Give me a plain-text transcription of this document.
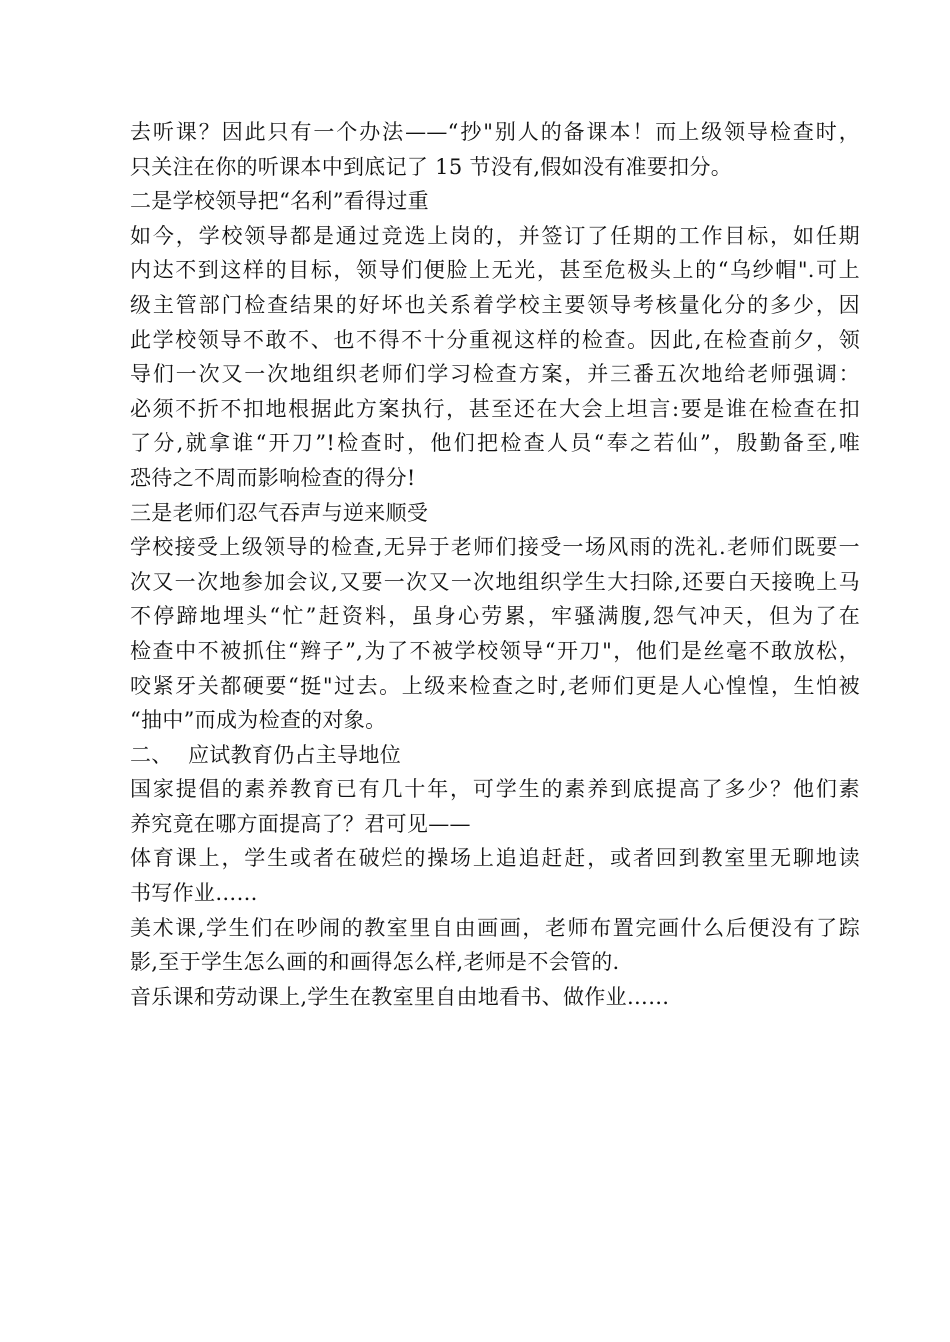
去听课？因此只有一个办法——“抄"别人的备课本！而上级领导检查时，
只关注在你的听课本中到底记了 15 节没有,假如没有准要扣分。
二是学校领导把“名利”看得过重
如今，学校领导都是通过竞选上岗的，并签订了任期的工作目标，如任期
内达不到这样的目标，领导们便脸上无光，甚至危极头上的“乌纱帽".可上
级主管部门检查结果的好坏也关系着学校主要领导考核量化分的多少，因
此学校领导不敢不、也不得不十分重视这样的检查。因此,在检查前夕，领
导们一次又一次地组织老师们学习检查方案，并三番五次地给老师强调：
必须不折不扣地根据此方案执行，甚至还在大会上坦言:要是谁在检查在扣
了分,就拿谁“开刀”!检查时，他们把检查人员“奉之若仙”，殷勤备至,唯
恐待之不周而影响检查的得分!
三是老师们忍气吞声与逆来顺受
学校接受上级领导的检查,无异于老师们接受一场风雨的洗礼.老师们既要一
次又一次地参加会议,又要一次又一次地组织学生大扫除,还要白天接晚上马
不停蹄地埋头“忙”赶资料，虽身心劳累，牢骚满腹,怨气冲天，但为了在
检查中不被抓住“辫子”,为了不被学校领导“开刀"，他们是丝毫不敢放松，
咬紧牙关都硬要“挺"过去。上级来检查之时,老师们更是人心惶惶，生怕被
“抽中”而成为检查的对象。
二、 应试教育仍占主导地位
国家提倡的素养教育已有几十年，可学生的素养到底提高了多少？他们素
养究竟在哪方面提高了？君可见——
体育课上，学生或者在破烂的操场上追追赶赶，或者回到教室里无聊地读
书写作业……
美术课,学生们在吵闹的教室里自由画画，老师布置完画什么后便没有了踪
影,至于学生怎么画的和画得怎么样,老师是不会管的.
音乐课和劳动课上,学生在教室里自由地看书、做作业……
